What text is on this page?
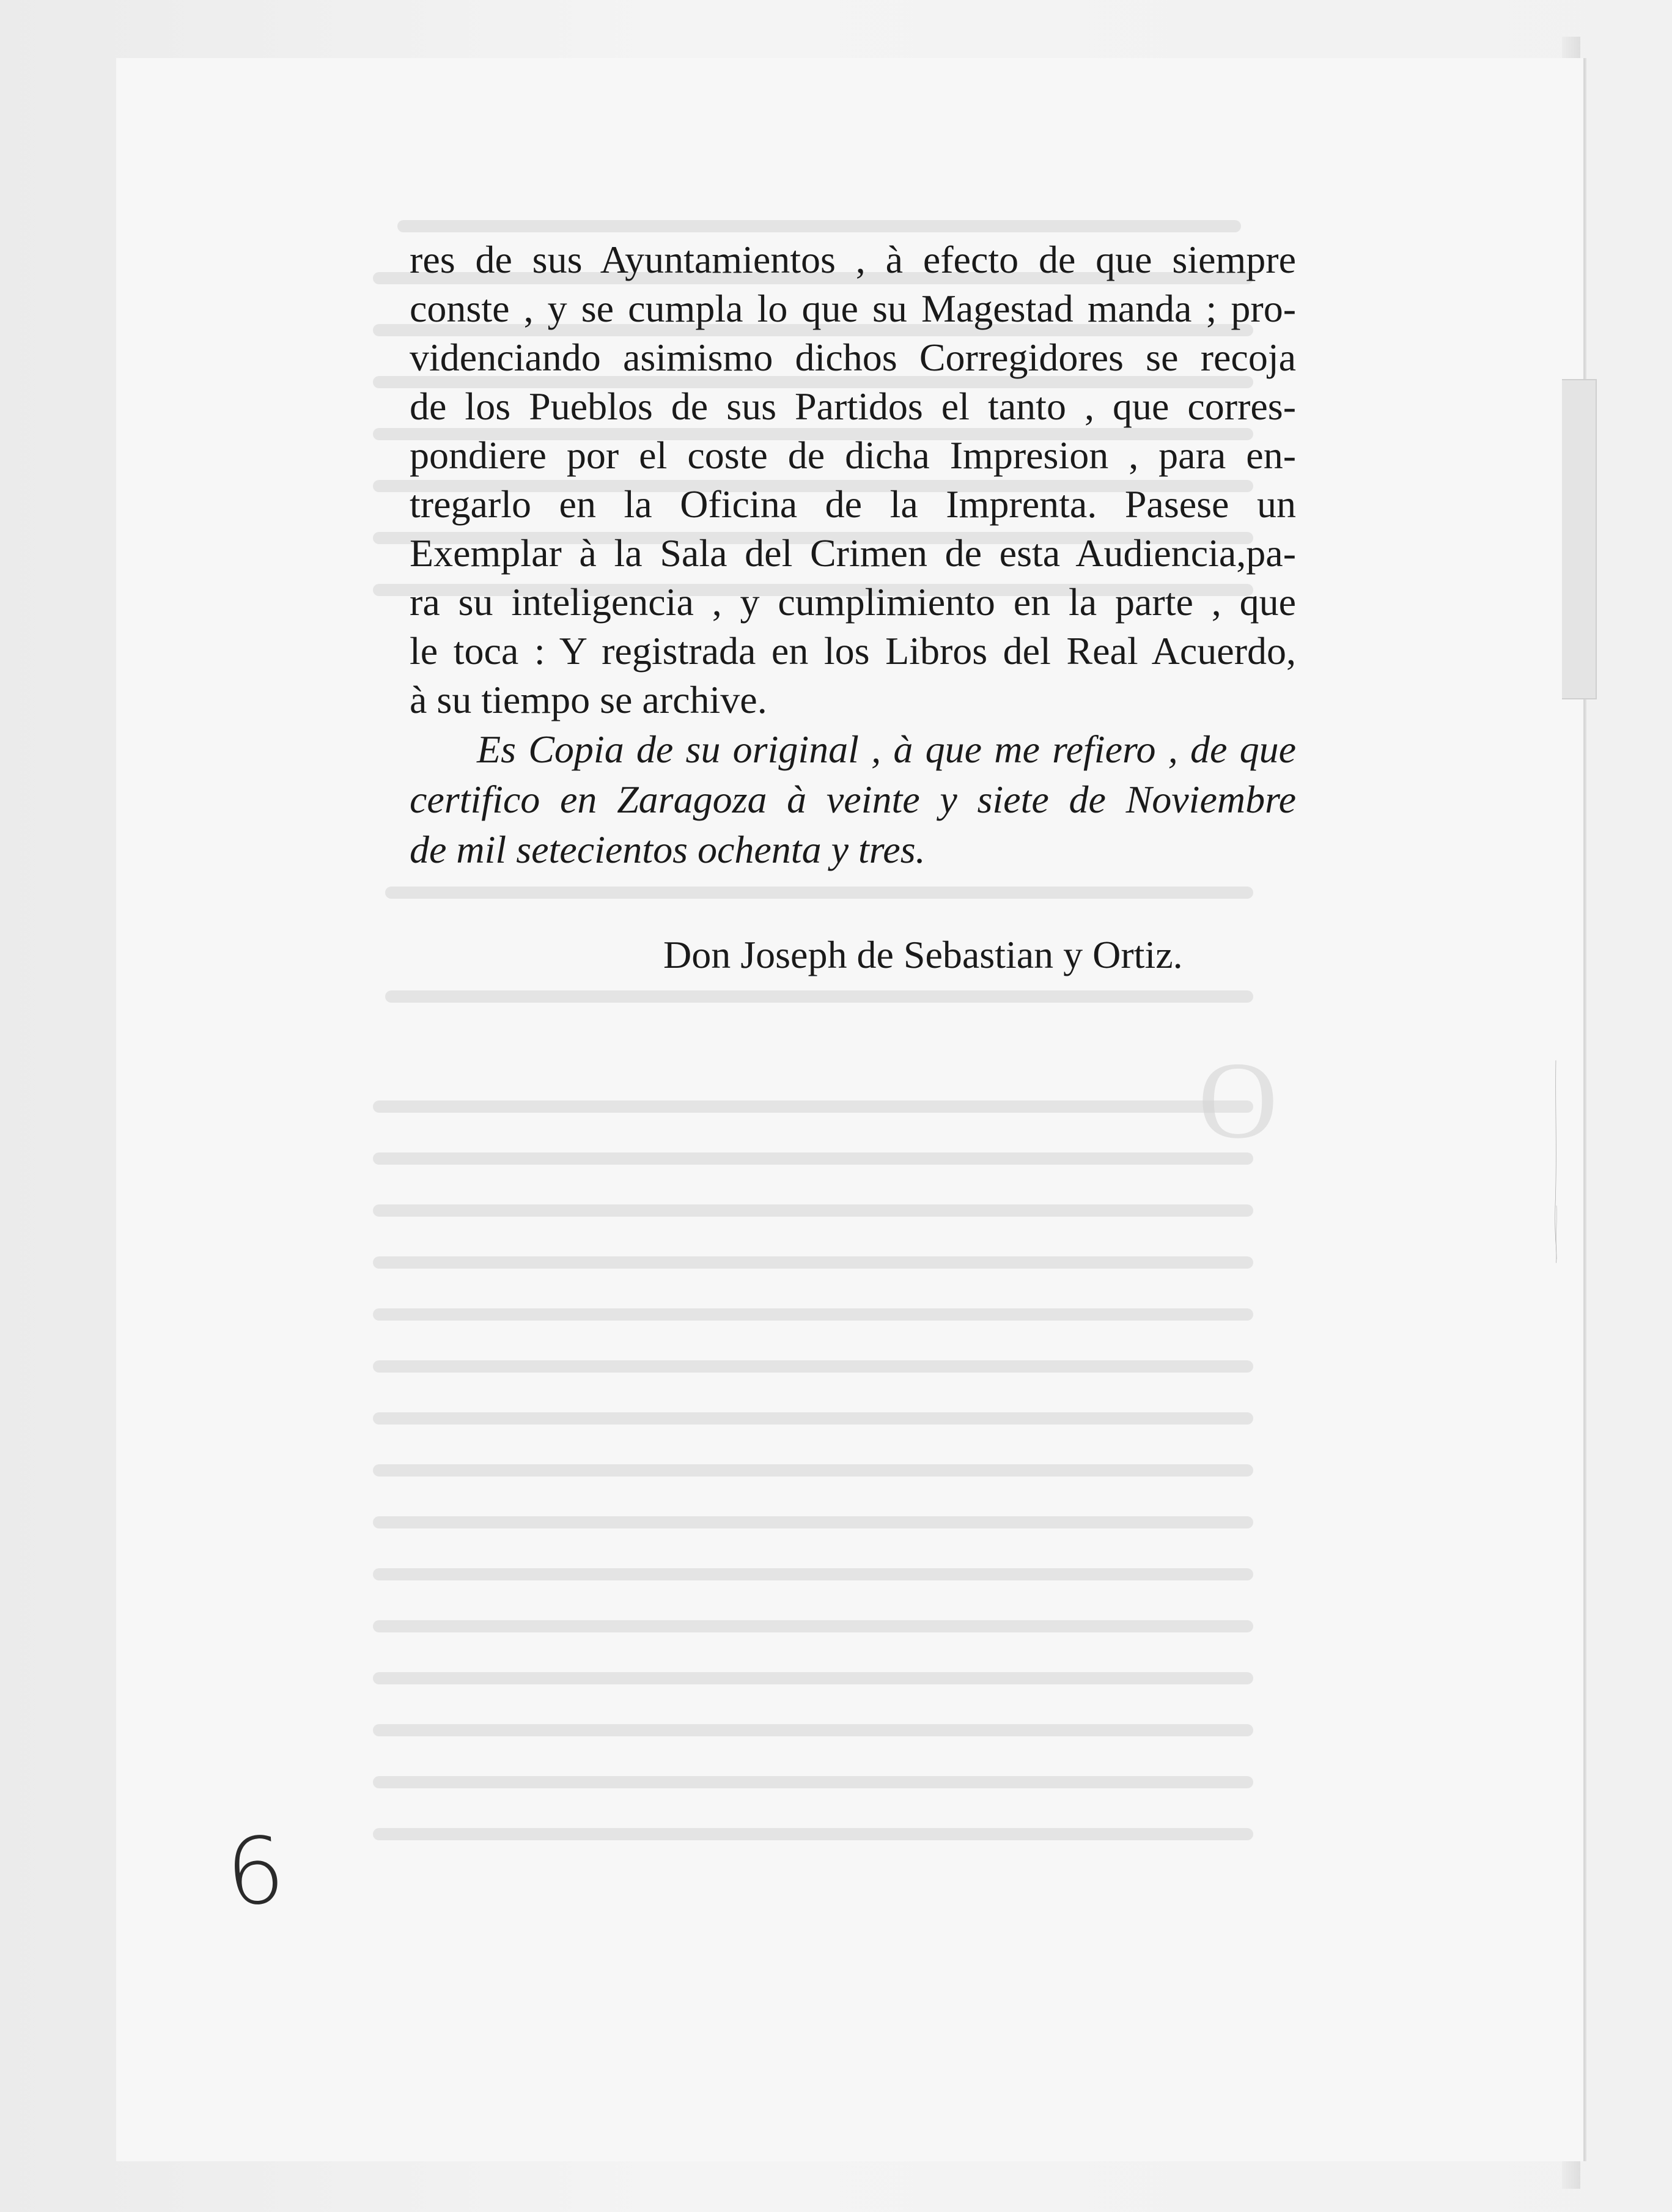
O
res de sus Ayuntamientos , à efecto de que siempre
conste , y se cumpla lo que su Magestad manda ; pro-
videnciando asimismo dichos Corregidores se recoja
de los Pueblos de sus Partidos el tanto , que corres-
pondiere por el coste de dicha Impresion , para en-
tregarlo en la Oficina de la Imprenta. Pasese un
Exemplar à la Sala del Crimen de esta Audiencia,pa-
ra su inteligencia , y cumplimiento en la parte , que
le toca : Y registrada en los Libros del Real Acuerdo,
à su tiempo se archive.
Es Copia de su original , à que me refiero , de que
certifico en Zaragoza à veinte y siete de Noviembre
de mil setecientos ochenta y tres.
Don Joseph de Sebastian y Ortiz.
6
